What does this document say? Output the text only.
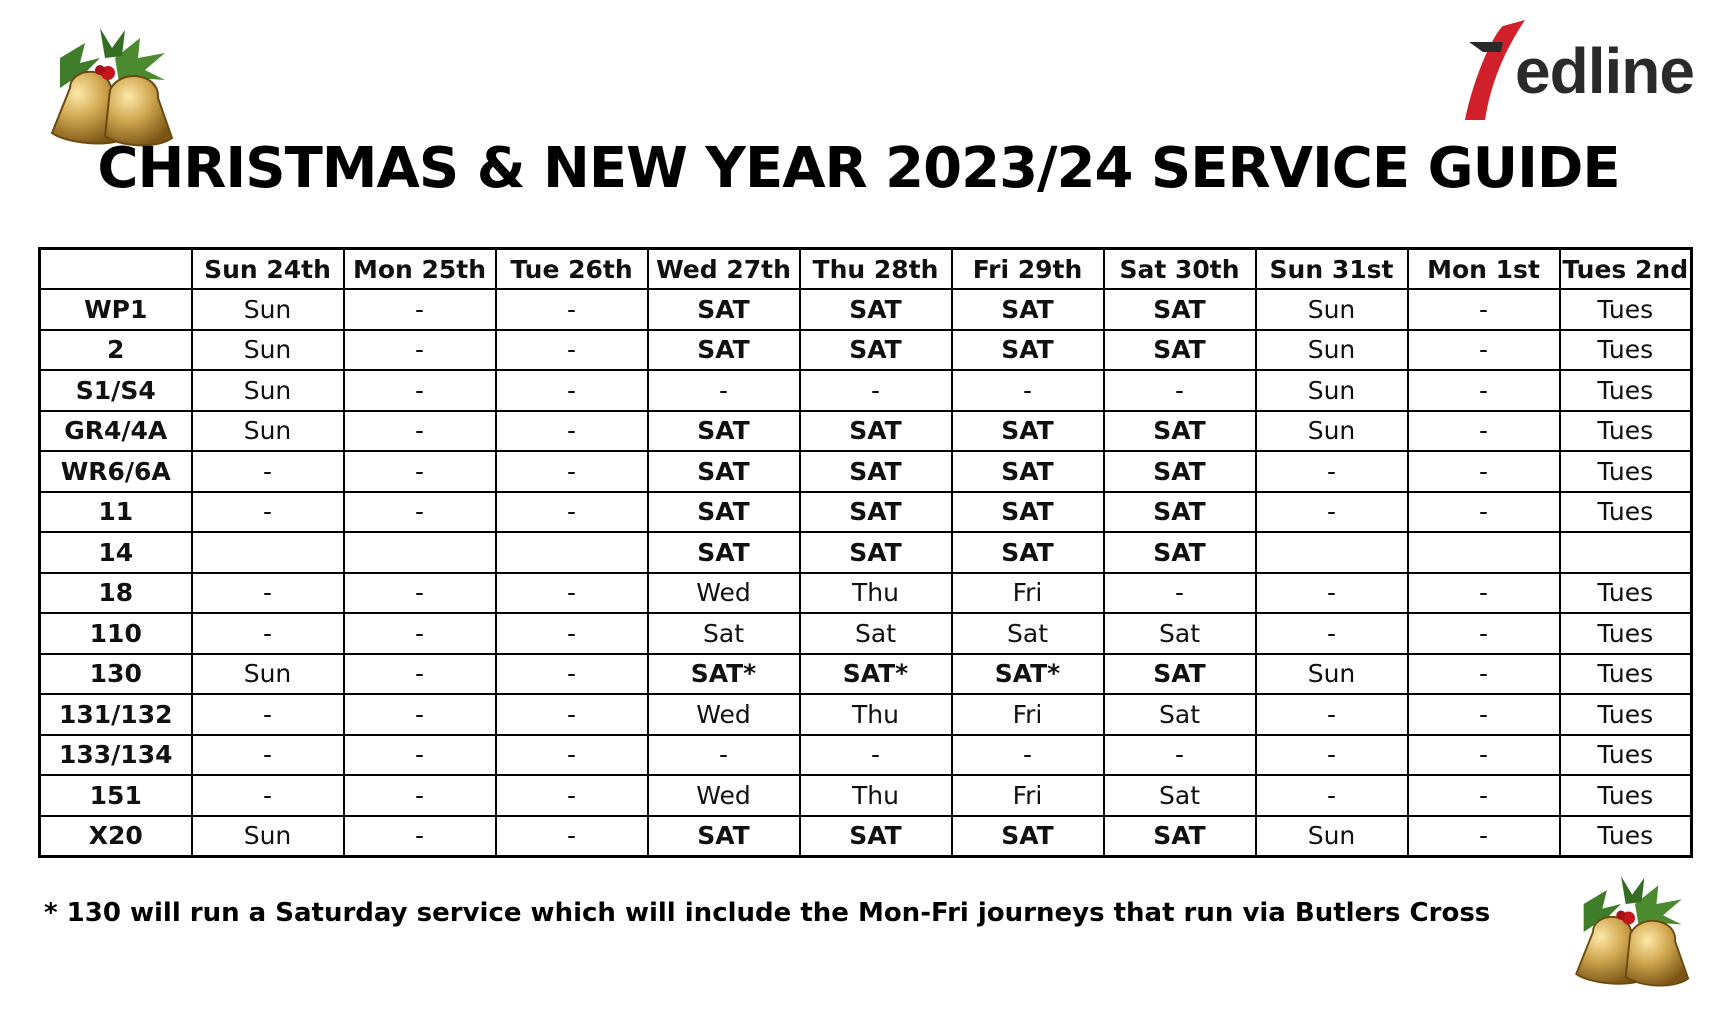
edline
CHRISTMAS & NEW YEAR 2023/24 SERVICE GUIDE
	Sun 24th	Mon 25th	Tue 26th	Wed 27th	Thu 28th	Fri 29th	Sat 30th	Sun 31st	Mon 1st	Tues 2nd
WP1	Sun	-	-	SAT	SAT	SAT	SAT	Sun	-	Tues
2	Sun	-	-	SAT	SAT	SAT	SAT	Sun	-	Tues
S1/S4	Sun	-	-	-	-	-	-	Sun	-	Tues
GR4/4A	Sun	-	-	SAT	SAT	SAT	SAT	Sun	-	Tues
WR6/6A	-	-	-	SAT	SAT	SAT	SAT	-	-	Tues
11	-	-	-	SAT	SAT	SAT	SAT	-	-	Tues
14				SAT	SAT	SAT	SAT			
18	-	-	-	Wed	Thu	Fri	-	-	-	Tues
110	-	-	-	Sat	Sat	Sat	Sat	-	-	Tues
130	Sun	-	-	SAT*	SAT*	SAT*	SAT	Sun	-	Tues
131/132	-	-	-	Wed	Thu	Fri	Sat	-	-	Tues
133/134	-	-	-	-	-	-	-	-	-	Tues
151	-	-	-	Wed	Thu	Fri	Sat	-	-	Tues
X20	Sun	-	-	SAT	SAT	SAT	SAT	Sun	-	Tues
* 130 will run a Saturday service which will include the Mon-Fri journeys that run via Butlers Cross
